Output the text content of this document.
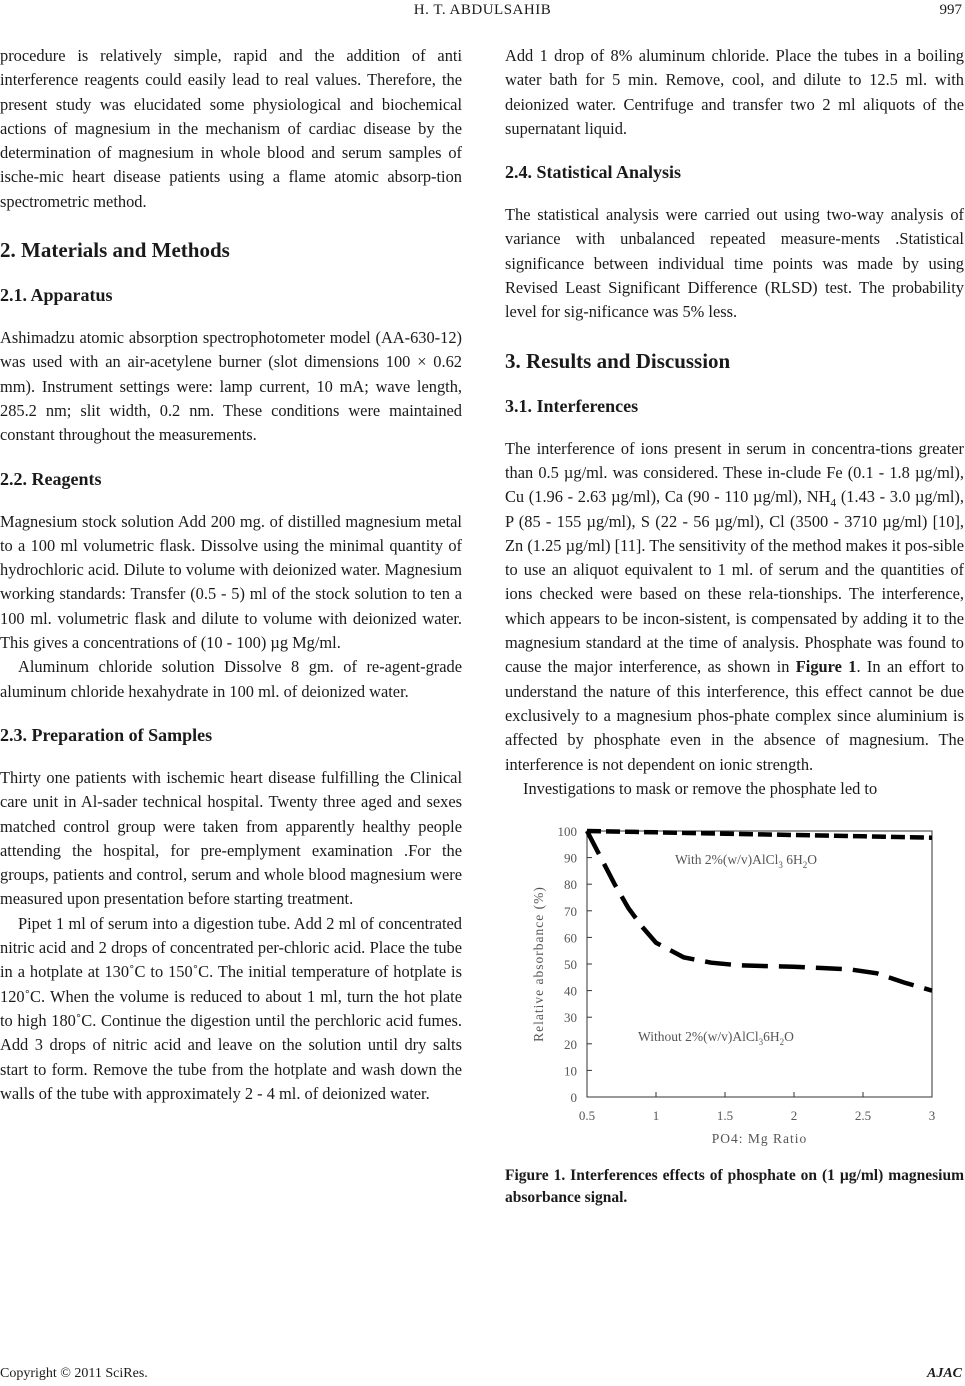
H. T. ABDULSAHIB	997

procedure is relatively simple, rapid and the addition of anti interference reagents could easily lead to real values. Therefore, the present study was elucidated some physiological and biochemical actions of magnesium in the mechanism of cardiac disease by the determination of magnesium in whole blood and serum samples of ische-mic heart disease patients using a flame atomic absorp-tion spectrometric method.

2. Materials and Methods
2.1. Apparatus

Ashimadzu atomic absorption spectrophotometer model (AA-630-12) was used with an air-acetylene burner (slot dimensions 100 × 0.62 mm). Instrument settings were: lamp current, 10 mA; wave length, 285.2 nm; slit width, 0.2 nm. These conditions were maintained constant throughout the measurements.

2.2. Reagents

Magnesium stock solution Add 200 mg. of distilled magnesium metal to a 100 ml volumetric flask. Dissolve using the minimal quantity of hydrochloric acid. Dilute to volume with deionized water. Magnesium working standards: Transfer (0.5 - 5) ml of the stock solution to ten a 100 ml. volumetric flask and dilute to volume with deionized water. This gives a concentrations of (10 - 100) µg Mg/ml.

Aluminum chloride solution Dissolve 8 gm. of re-agent-grade aluminum chloride hexahydrate in 100 ml. of deionized water.

2.3. Preparation of Samples

Thirty one patients with ischemic heart disease fulfilling the Clinical care unit in Al-sader technical hospital. Twenty three aged and sexes matched control group were taken from apparently healthy people attending the hospital, for pre-emplyment examination .For the groups, patients and control, serum and whole blood magnesium were measured upon presentation before starting treatment.

Pipet 1 ml of serum into a digestion tube. Add 2 ml of concentrated nitric acid and 2 drops of concentrated per-chloric acid. Place the tube in a hotplate at 130˚C to 150˚C. The initial temperature of hotplate is 120˚C. When the volume is reduced to about 1 ml, turn the hot plate to high 180˚C. Continue the digestion until the perchloric acid fumes. Add 3 drops of nitric acid and leave on the solution until dry salts start to form. Remove the tube from the hotplate and wash down the walls of the tube with approximately 2 - 4 ml. of deionized water.

Add 1 drop of 8% aluminum chloride. Place the tubes in a boiling water bath for 5 min. Remove, cool, and dilute to 12.5 ml. with deionized water. Centrifuge and transfer two 2 ml aliquots of the supernatant liquid.

2.4. Statistical Analysis

The statistical analysis were carried out using two-way analysis of variance with unbalanced repeated measure-ments .Statistical significance between individual time points was made by using Revised Least Significant Difference (RLSD) test. The probability level for sig-nificance was 5% less.

3. Results and Discussion
3.1. Interferences

The interference of ions present in serum in concentra-tions greater than 0.5 µg/ml. was considered. These in-clude Fe (0.1 - 1.8 µg/ml), Cu (1.96 - 2.63 µg/ml), Ca (90 - 110 µg/ml), $NH_4$ (1.43 - 3.0 µg/ml), P (85 - 155 µg/ml), S (22 - 56 µg/ml), Cl (3500 - 3710 µg/ml) [10], Zn (1.25 µg/ml) [11]. The sensitivity of the method makes it pos-sible to use an aliquot equivalent to 1 ml. of serum and the quantities of ions checked were based on these rela-tionships. The interference, which appears to be incon-sistent, is compensated by adding it to the magnesium standard at the time of analysis. Phosphate was found to cause the major interference, as shown in Figure 1. In an effort to understand the nature of this interference, this effect cannot be due exclusively to a magnesium phos-phate complex since aluminium is affected by phosphate even in the absence of magnesium. The interference is not dependent on ionic strength.

Investigations to mask or remove the phosphate led to

0
10
20
30
40
50
60
70
80
90
100
0.5	1	1.5	2	2.5	3
PO4: Mg Ratio
Relative absorbance (%)
With 2%(w/v)AlCl$_3$ $6H_2O$
Without $2\%(w/v)AlCl_36H_2O$

Figure 1. Interferences effects of phosphate on (1 µg/ml) magnesium absorbance signal.

Copyright © 2011 SciRes.	AJAC
